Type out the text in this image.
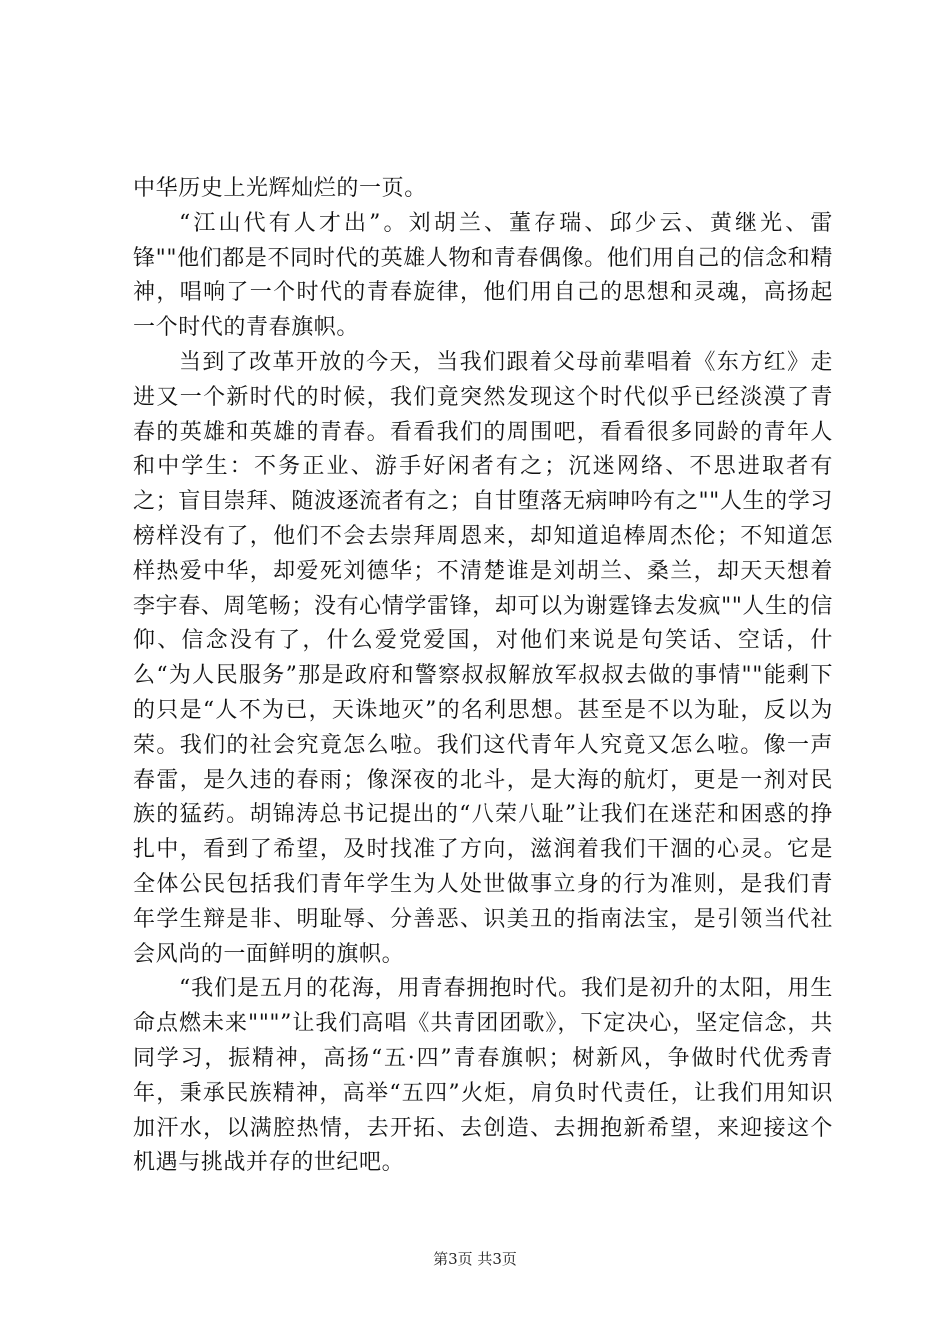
中华历史上光辉灿烂的一页。

“江山代有人才出”。刘胡兰、董存瑞、邱少云、黄继光、雷锋""他们都是不同时代的英雄人物和青春偶像。他们用自己的信念和精神，唱响了一个时代的青春旋律，他们用自己的思想和灵魂，高扬起一个时代的青春旗帜。

当到了改革开放的今天，当我们跟着父母前辈唱着《东方红》走进又一个新时代的时候，我们竟突然发现这个时代似乎已经淡漠了青春的英雄和英雄的青春。看看我们的周围吧，看看很多同龄的青年人和中学生：不务正业、游手好闲者有之；沉迷网络、不思进取者有之；盲目崇拜、随波逐流者有之；自甘堕落无病呻吟有之""人生的学习榜样没有了，他们不会去崇拜周恩来，却知道追棒周杰伦；不知道怎样热爱中华，却爱死刘德华；不清楚谁是刘胡兰、桑兰，却天天想着李宇春、周笔畅；没有心情学雷锋，却可以为谢霆锋去发疯""人生的信仰、信念没有了，什么爱党爱国，对他们来说是句笑话、空话，什么“为人民服务”那是政府和警察叔叔解放军叔叔去做的事情""能剩下的只是“人不为已，天诛地灭”的名利思想。甚至是不以为耻，反以为荣。我们的社会究竟怎么啦。我们这代青年人究竟又怎么啦。像一声春雷，是久违的春雨；像深夜的北斗，是大海的航灯，更是一剂对民族的猛药。胡锦涛总书记提出的“八荣八耻”让我们在迷茫和困惑的挣扎中，看到了希望，及时找准了方向，滋润着我们干涸的心灵。它是全体公民包括我们青年学生为人处世做事立身的行为准则，是我们青年学生辩是非、明耻辱、分善恶、识美丑的指南法宝，是引领当代社会风尚的一面鲜明的旗帜。

“我们是五月的花海，用青春拥抱时代。我们是初升的太阳，用生命点燃未来"""”让我们高唱《共青团团歌》，下定决心，坚定信念，共同学习，振精神，高扬“五·四”青春旗帜；树新风，争做时代优秀青年，秉承民族精神，高举“五四”火炬，肩负时代责任，让我们用知识加汗水，以满腔热情，去开拓、去创造、去拥抱新希望，来迎接这个机遇与挑战并存的世纪吧。

第3页 共3页
